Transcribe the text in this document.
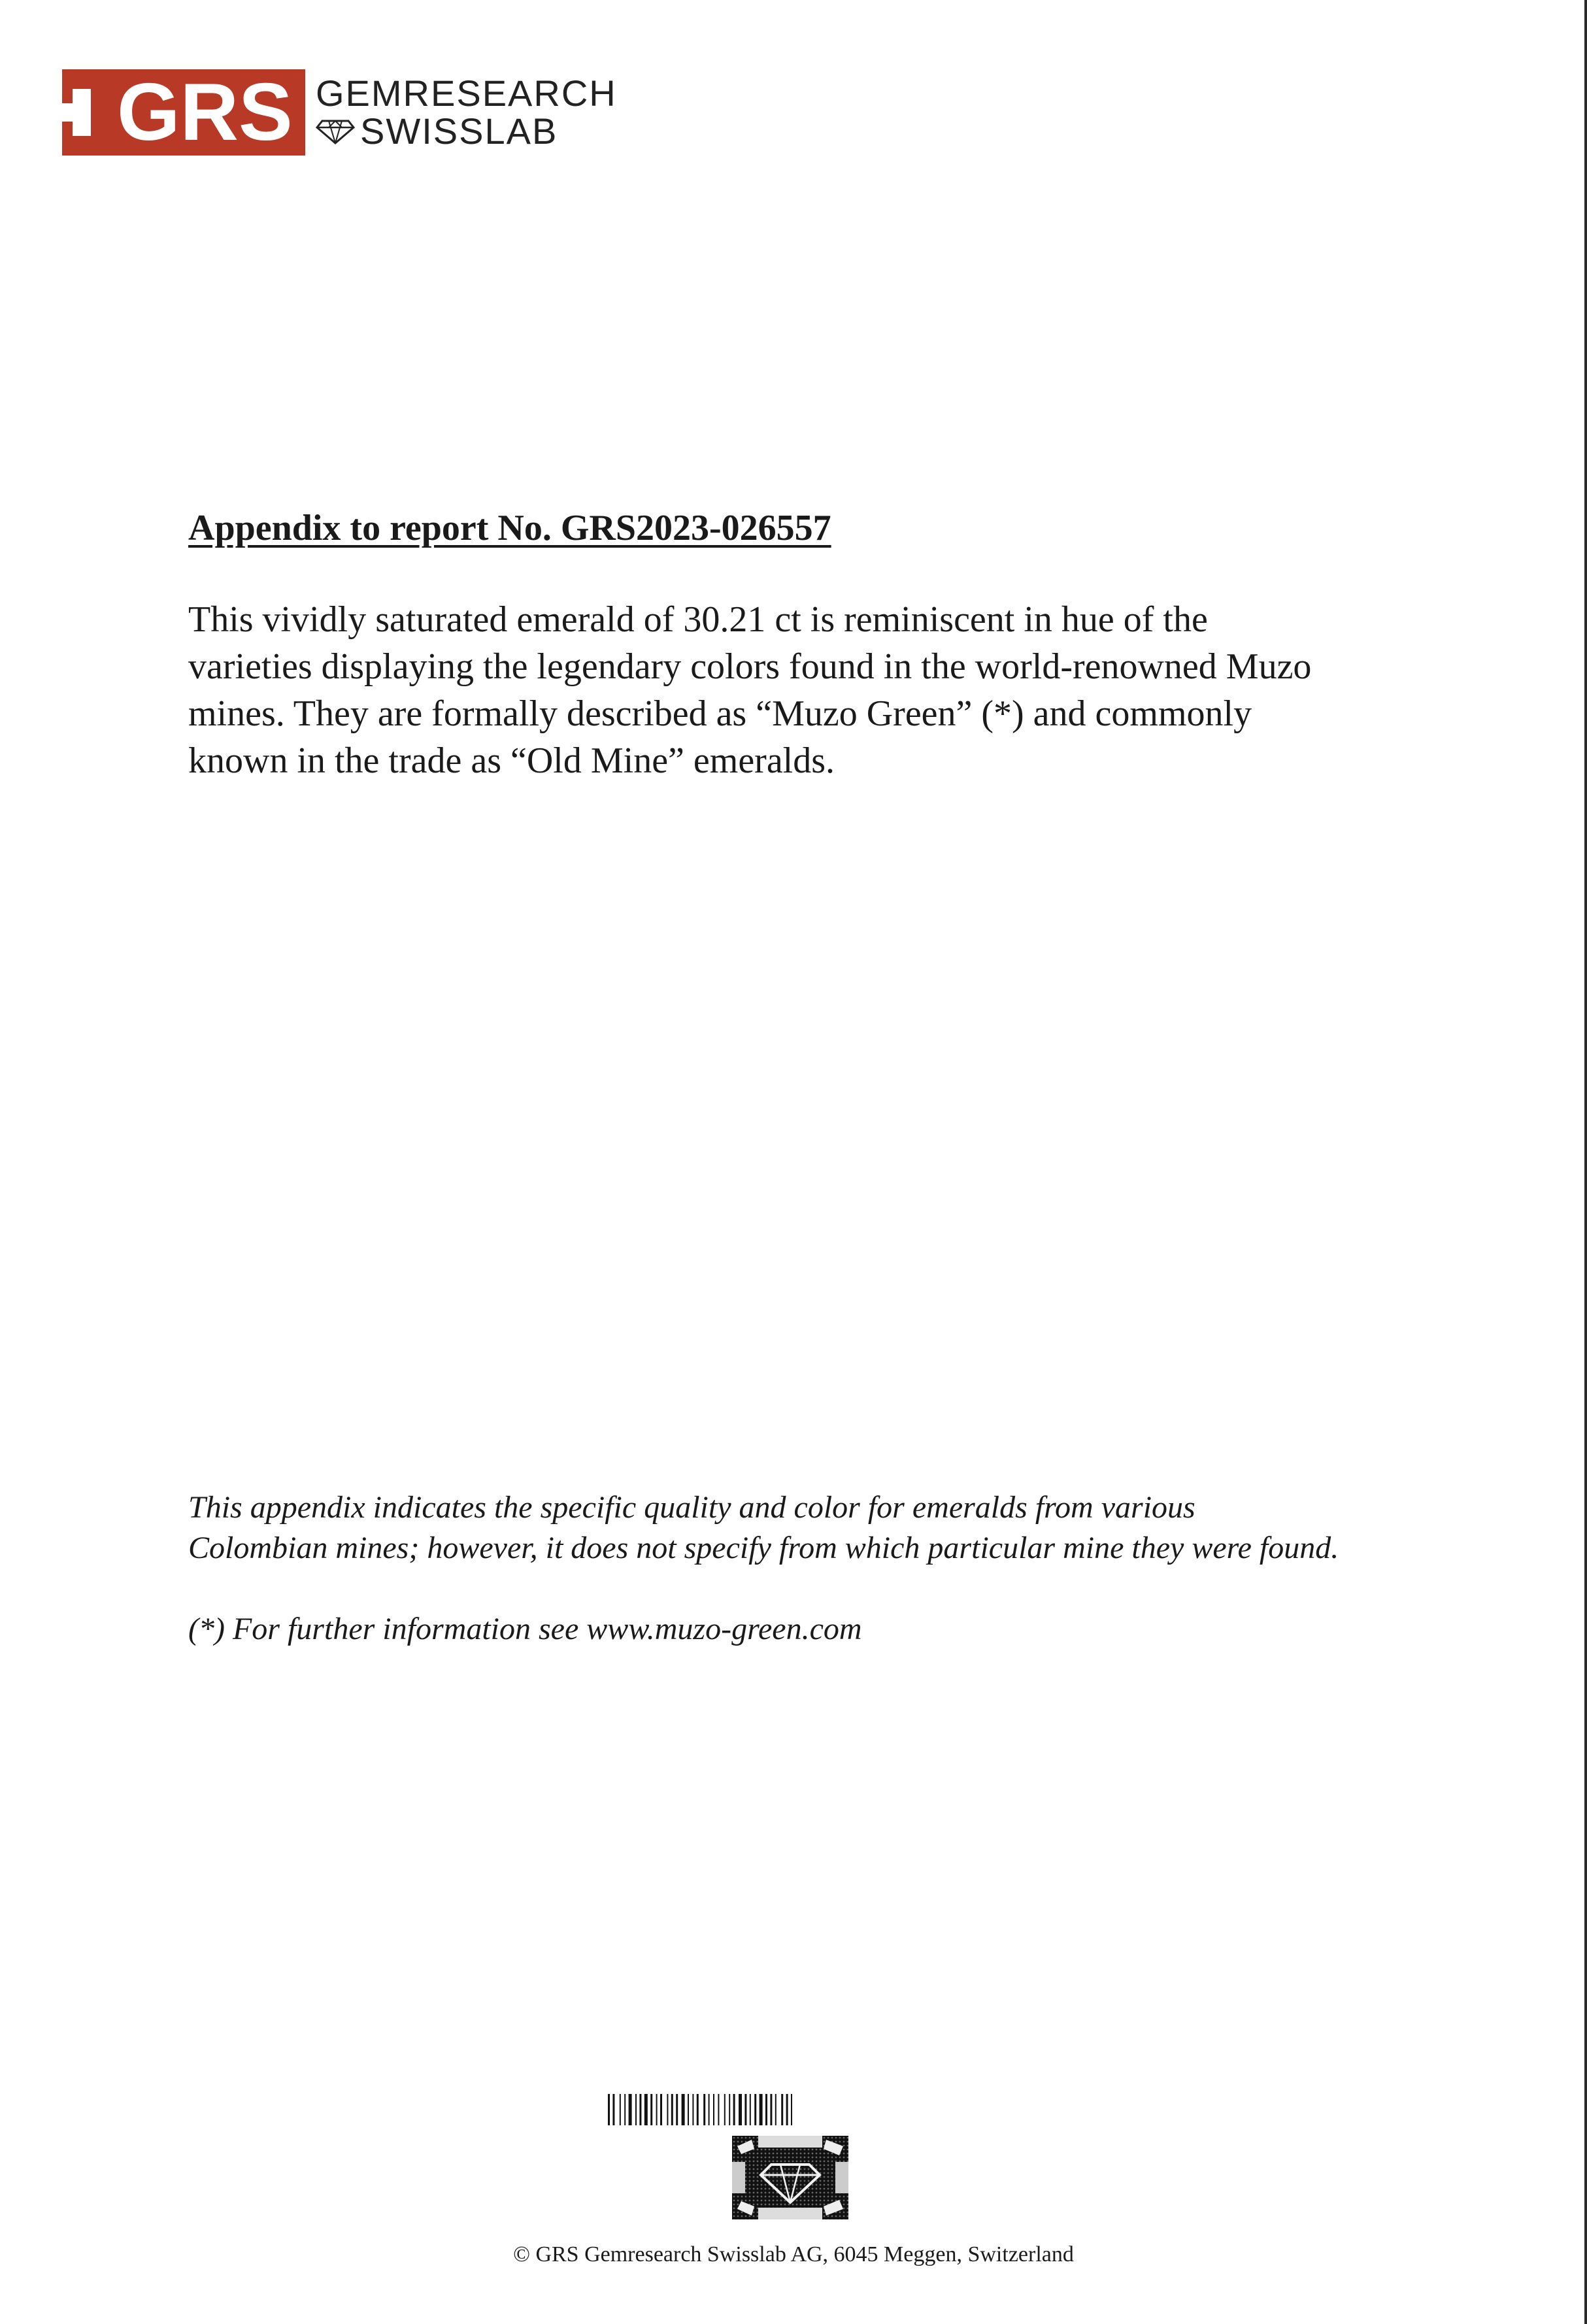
GRS GEMRESEARCH
SWISSLAB
Appendix to report No. GRS2023-026557
This vividly saturated emerald of 30.21 ct is reminiscent in hue of the
varieties displaying the legendary colors found in the world-renowned Muzo
mines. They are formally described as “Muzo Green” (*) and commonly
known in the trade as “Old Mine” emeralds.
This appendix indicates the specific quality and color for emeralds from various
Colombian mines; however, it does not specify from which particular mine they were found.
(*) For further information see www.muzo-green.com
© GRS Gemresearch Swisslab AG, 6045 Meggen, Switzerland
